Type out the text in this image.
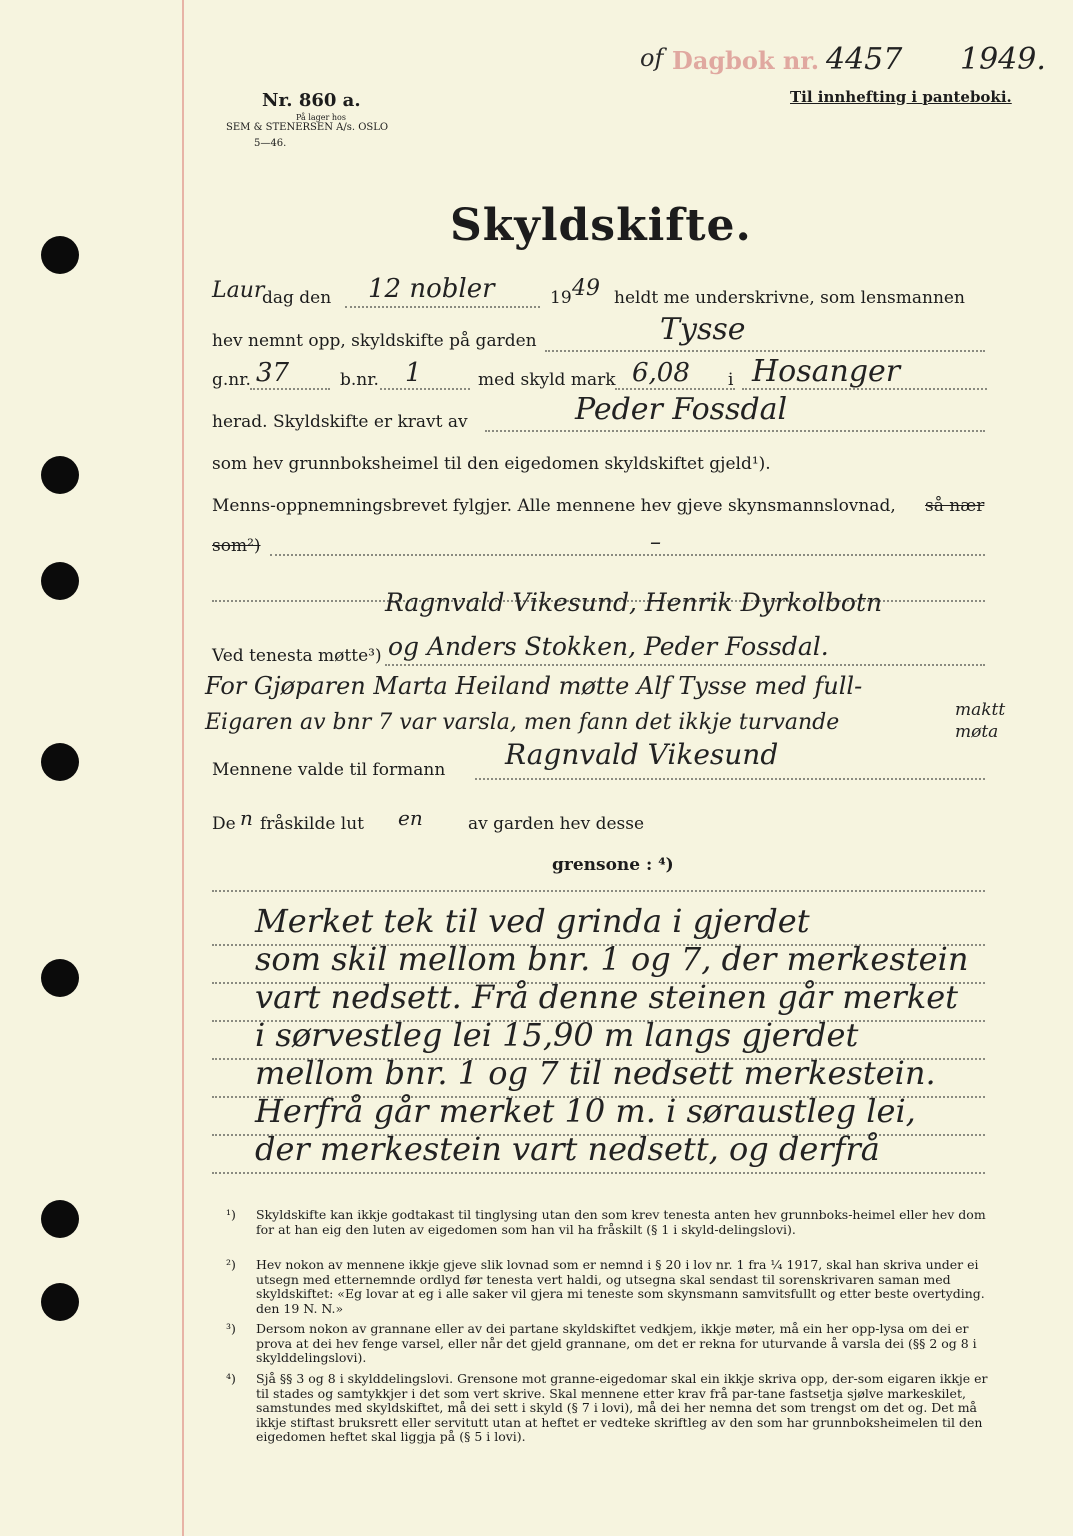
Nr. 860 a.
På lager hos
SEM & STENERSEN A/s. OSLO
5—46.
of Dagbok nr. 4457 1949.
Til innhefting i panteboki.
Skyldskifte.
Laur
dag den 12 nobler	19 49 heldt me underskrivne, som lensmannen
hev nemnt opp, skyldskifte på garden	Tysse
g.nr. 37	b.nr. 1	med skyld mark 6,08 i Hosanger
herad. Skyldskifte er kravt av	Peder Fossdal
som hev grunnboksheimel til den eigedomen skyldskiftet gjeld¹).
Menns-oppnemningsbrevet fylgjer. Alle mennene hev gjeve skynsmannslovnad, så nær
som²)	–
Ragnvald Vikesund, Henrik Dyrkolbotn
Ved tenesta møtte³) og Anders Stokken, Peder Fossdal.
For Gjøparen Marta Heiland møtte Alf Tysse med full-
Eigaren av bnr 7 var varsla, men fann det ikkje turvande	maktt
møta
Mennene valde til formann Ragnvald Vikesund
De n fråskilde lut en	av garden hev desse
grensone : ⁴)
Merket tek til ved grinda i gjerdet
som skil mellom bnr. 1 og 7, der merkestein
vart nedsett. Frå denne steinen går merket
i sørvestleg lei 15,90 m langs gjerdet
mellom bnr. 1 og 7 til nedsett merkestein.
Herfrå går merket 10 m. i søraustleg lei,
der merkestein vart nedsett, og derfrå
¹) Skyldskifte kan ikkje godtakast til tinglysing utan den som krev tenesta anten hev grunnboks-heimel eller hev dom for at han eig den luten av eigedomen som han vil ha fråskilt (§ 1 i skyld-delingslovi).
²) Hev nokon av mennene ikkje gjeve slik lovnad som er nemnd i § 20 i lov nr. 1 fra ¼ 1917, skal han skriva under ei utsegn med etternemnde ordlyd før tenesta vert haldi, og utsegna skal sendast til sorenskrivaren saman med skyldskiftet: «Eg lovar at eg i alle saker vil gjera mi teneste som skynsmann samvitsfullt og etter beste overtyding. den 19 N. N.»
³) Dersom nokon av grannane eller av dei partane skyldskiftet vedkjem, ikkje møter, må ein her opp-lysa om dei er prova at dei hev fenge varsel, eller når det gjeld grannane, om det er rekna for uturvande å varsla dei (§§ 2 og 8 i skylddelingslovi).
⁴) Sjå §§ 3 og 8 i skylddelingslovi. Grensone mot granne-eigedomar skal ein ikkje skriva opp, der-som eigaren ikkje er til stades og samtykkjer i det som vert skrive. Skal mennene etter krav frå par-tane fastsetja sjølve markeskilet, samstundes med skyldskiftet, må dei sett i skyld (§ 7 i lovi), må dei her nemna det som trengst om det og. Det må ikkje stiftast bruksrett eller servitutt utan at heftet er vedteke skriftleg av den som har grunnboksheimelen til den eigedomen heftet skal liggja på (§ 5 i lovi).
